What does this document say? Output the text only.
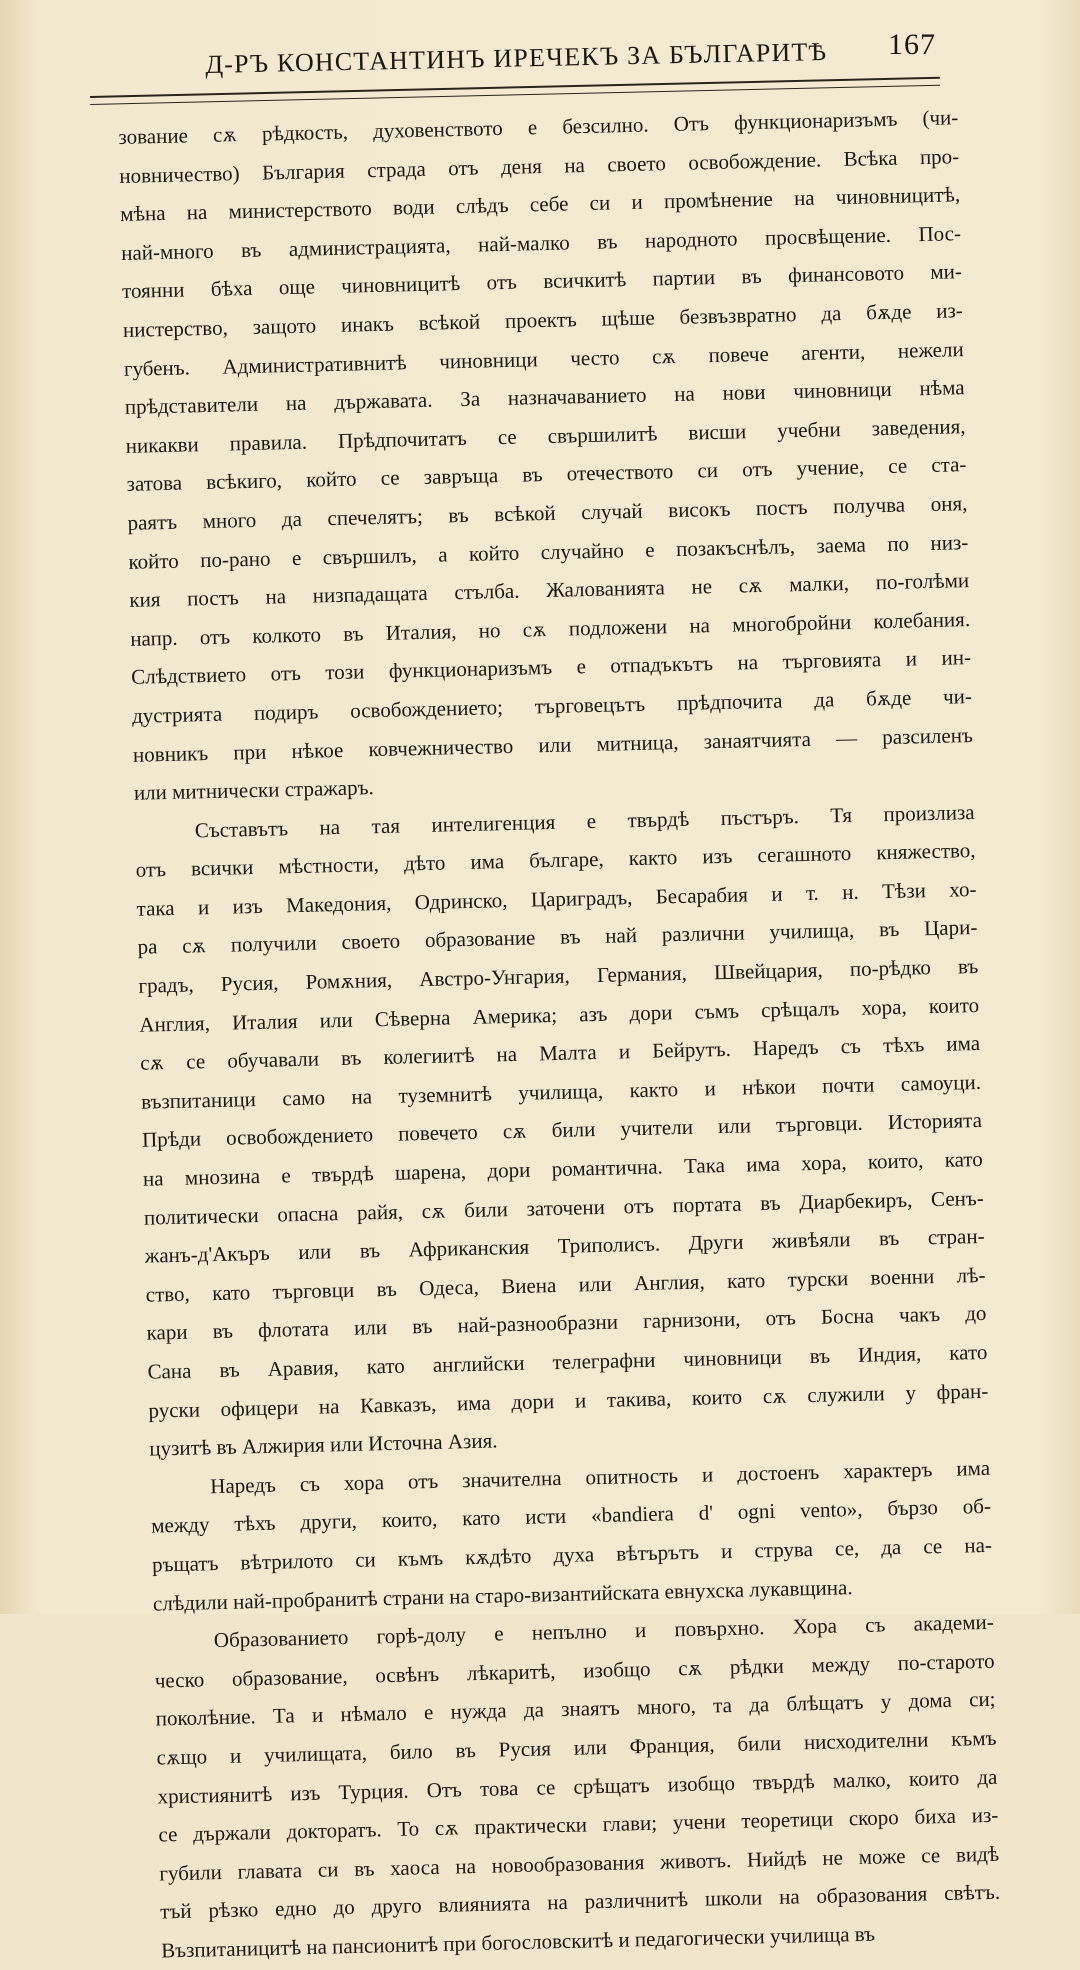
Д-РЪ КОНСТАНТИНЪ ИРЕЧЕКЪ ЗА БЪЛГАРИТѢ 167
зование сѫ рѣдкость, духовенството е безсилно. Отъ функционаризъмъ (чи-
новничество) България страда отъ деня на своето освобождение. Всѣка про-
мѣна на министерството води слѣдъ себе си и промѣнение на чиновницитѣ,
най-много въ администрацията, най-малко въ народното просвѣщение. Пос-
тоянни бѣха още чиновницитѣ отъ всичкитѣ партии въ финансовото ми-
нистерство, защото инакъ всѣкой проектъ щѣше безвъзвратно да бѫде из-
губенъ. Административнитѣ чиновници често сѫ повече агенти, нежели
прѣдставители на държавата. За назначаванието на нови чиновници нѣма
никакви правила. Прѣдпочитатъ се свършилитѣ висши учебни заведения,
затова всѣкиго, който се завръща въ отечеството си отъ учение, се ста-
раятъ много да спечелятъ; въ всѣкой случай високъ постъ получва оня,
който по-рано е свършилъ, а който случайно е позакъснѣлъ, заема по низ-
кия постъ на низпадащата стълба. Жалованията не сѫ малки, по-голѣми
напр. отъ колкото въ Италия, но сѫ подложени на многобройни колебания.
Слѣдствието отъ този функционаризъмъ е отпадъкътъ на търговията и ин-
дустрията подиръ освобождението; търговецътъ прѣдпочита да бѫде чи-
новникъ при нѣкое ковчежничество или митница, занаятчията — разсиленъ
или митнически стражаръ.
Съставътъ на тая интелигенция е твърдѣ пъстъръ. Тя произлиза
отъ всички мѣстности, дѣто има българе, както изъ сегашното княжество,
така и изъ Македония, Одринско, Цариградъ, Бесарабия и т. н. Тѣзи хо-
ра сѫ получили своето образование въ най различни училища, въ Цари-
градъ, Русия, Ромѫния, Австро-Унгария, Германия, Швейцария, по-рѣдко въ
Англия, Италия или Сѣверна Америка; азъ дори съмъ срѣщалъ хора, които
сѫ се обучавали въ колегиитѣ на Малта и Бейрутъ. Наредъ съ тѣхъ има
възпитаници само на туземнитѣ училища, както и нѣкои почти самоуци.
Прѣди освобождението повечето сѫ били учители или търговци. Историята
на мнозина е твърдѣ шарена, дори романтична. Така има хора, които, като
политически опасна райя, сѫ били заточени отъ портата въ Диарбекиръ, Сенъ-
жанъ-д'Акъръ или въ Африканския Триполисъ. Други живѣяли въ стран-
ство, като търговци въ Одеса, Виена или Англия, като турски военни лѣ-
кари въ флотата или въ най-разнообразни гарнизони, отъ Босна чакъ до
Сана въ Аравия, като английски телеграфни чиновници въ Индия, като
руски офицери на Кавказъ, има дори и такива, които сѫ служили у фран-
цузитѣ въ Алжирия или Источна Азия.
Наредъ съ хора отъ значителна опитность и достоенъ характеръ има
между тѣхъ други, които, като исти «bandiera d' ogni vento», бързо об-
ръщатъ вѣтрилото си къмъ кѫдѣто духа вѣтърътъ и струва се, да се на-
слѣдили най-пробранитѣ страни на старо-византийската евнухска лукавщина.
Образованието горѣ-долу е непълно и повърхно. Хора съ академи-
ческо образование, освѣнъ лѣкаритѣ, изобщо сѫ рѣдки между по-старото
поколѣние. Та и нѣмало е нужда да знаятъ много, та да блѣщатъ у дома си;
сѫщо и училищата, било въ Русия или Франция, били нисходителни къмъ
християнитѣ изъ Турция. Отъ това се срѣщатъ изобщо твърдѣ малко, които да
се държали докторатъ. То сѫ практически глави; учени теоретици скоро биха из-
губили главата си въ хаоса на новообразования животъ. Нийдѣ не може се видѣ
тъй рѣзко едно до друго влиянията на различнитѣ школи на образования свѣтъ.
Възпитаницитѣ на пансионитѣ при богословскитѣ и педагогически училища въ
